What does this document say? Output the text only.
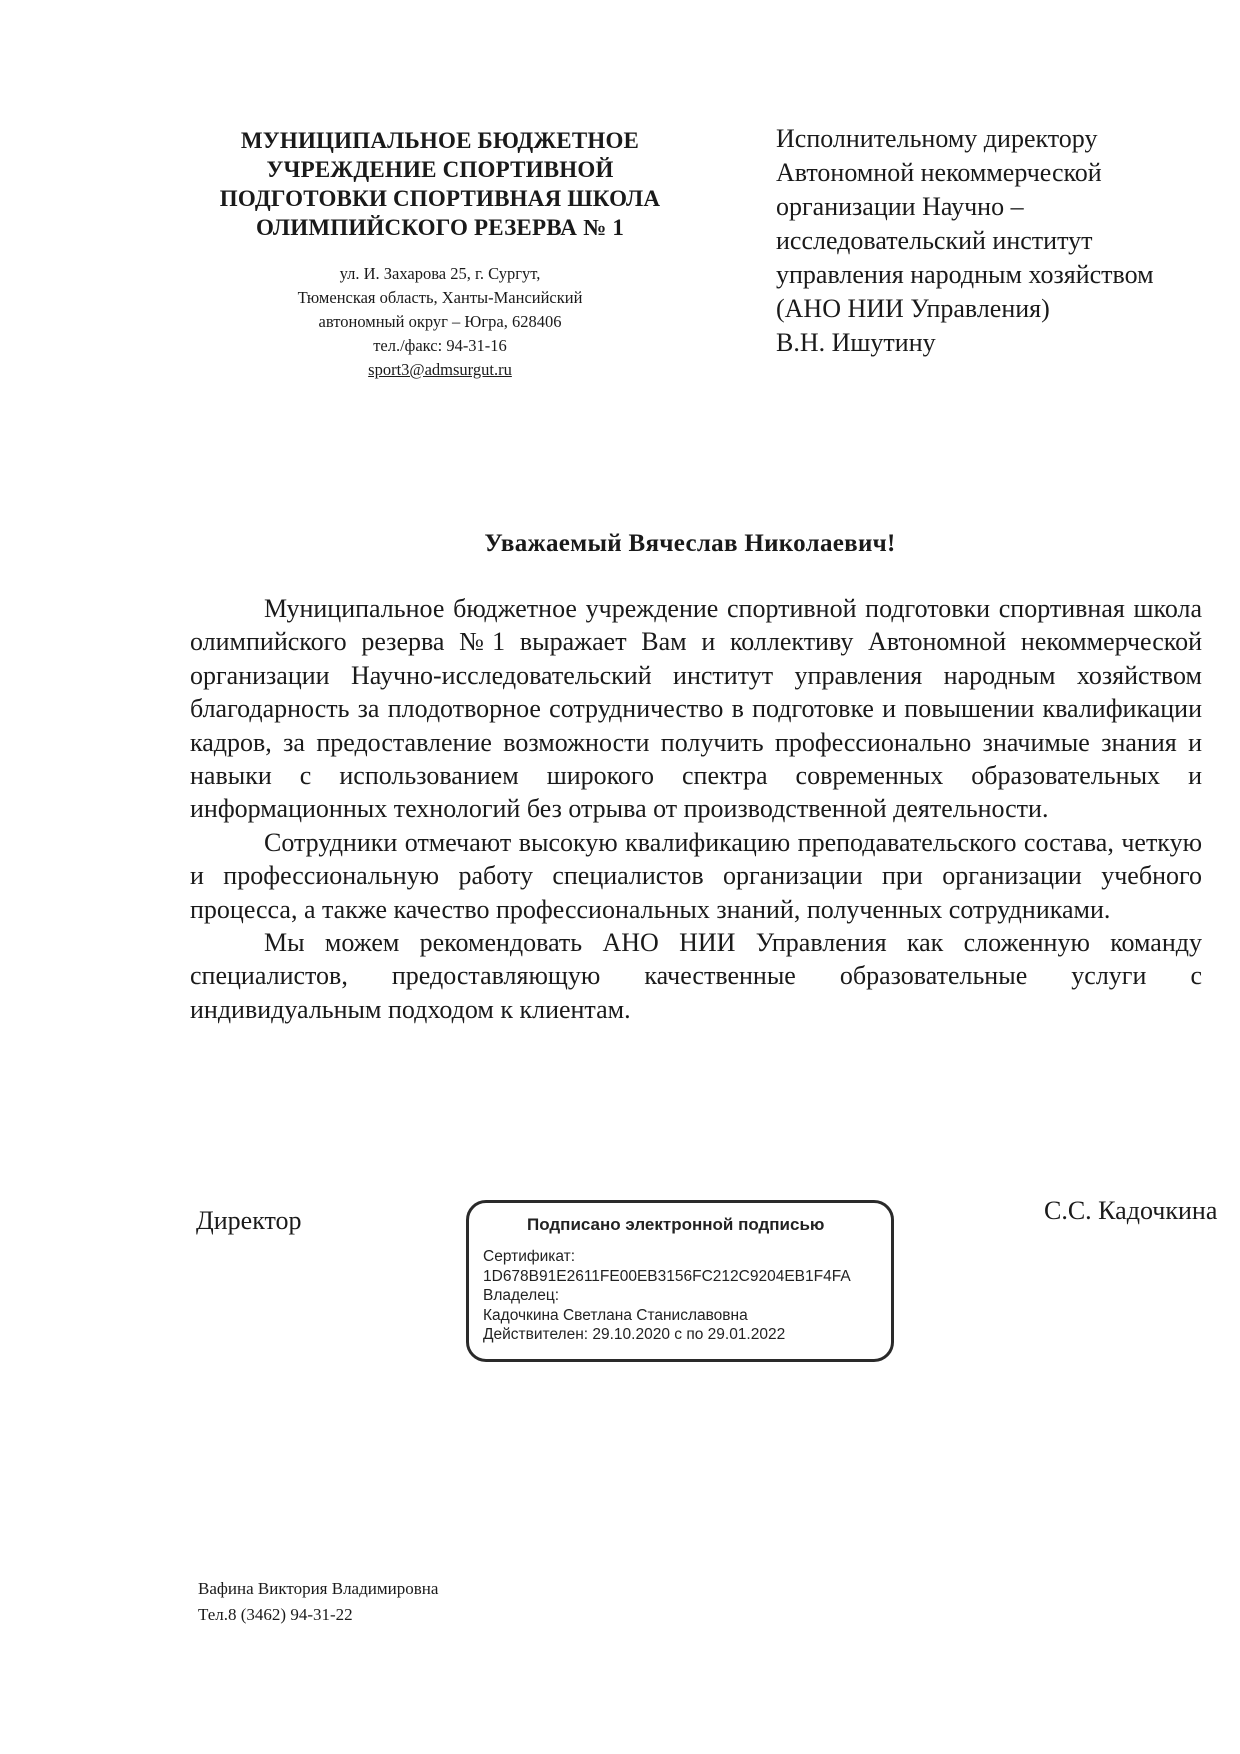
МУНИЦИПАЛЬНОЕ БЮДЖЕТНОЕ
УЧРЕЖДЕНИЕ СПОРТИВНОЙ
ПОДГОТОВКИ СПОРТИВНАЯ ШКОЛА
ОЛИМПИЙСКОГО РЕЗЕРВА № 1
ул. И. Захарова 25, г. Сургут,
Тюменская область, Ханты-Мансийский
автономный округ – Югра, 628406
тел./факс: 94-31-16
sport3@admsurgut.ru
Исполнительному директору
Автономной некоммерческой
организации Научно –
исследовательский институт
управления народным хозяйством
(АНО НИИ Управления)
В.Н. Ишутину
Уважаемый Вячеслав Николаевич!

Муниципальное бюджетное учреждение спортивной подготовки спортивная школа олимпийского резерва №1 выражает Вам и коллективу Автономной некоммерческой организации Научно-исследовательский институт управления народным хозяйством благодарность за плодотворное сотрудничество в подготовке и повышении квалификации кадров, за предоставление возможности получить профессионально значимые знания и навыки с использованием широкого спектра современных образовательных и информационных технологий без отрыва от производственной деятельности.

Сотрудники отмечают высокую квалификацию преподавательского состава, четкую и профессиональную работу специалистов организации при организации учебного процесса, а также качество профессиональных знаний, полученных сотрудниками.

Мы можем рекомендовать АНО НИИ Управления как сложенную команду специалистов, предоставляющую качественные образовательные услуги с индивидуальным подходом к клиентам.

Директор	Подписано электронной подписью
Сертификат:
1D678B91E2611FE00EB3156FC212C9204EB1F4FA
Владелец:
Кадочкина Светлана Станиславовна
Действителен: 29.10.2020 с по 29.01.2022
С.С. Кадочкина
Вафина Виктория Владимировна
Тел.8 (3462) 94-31-22
